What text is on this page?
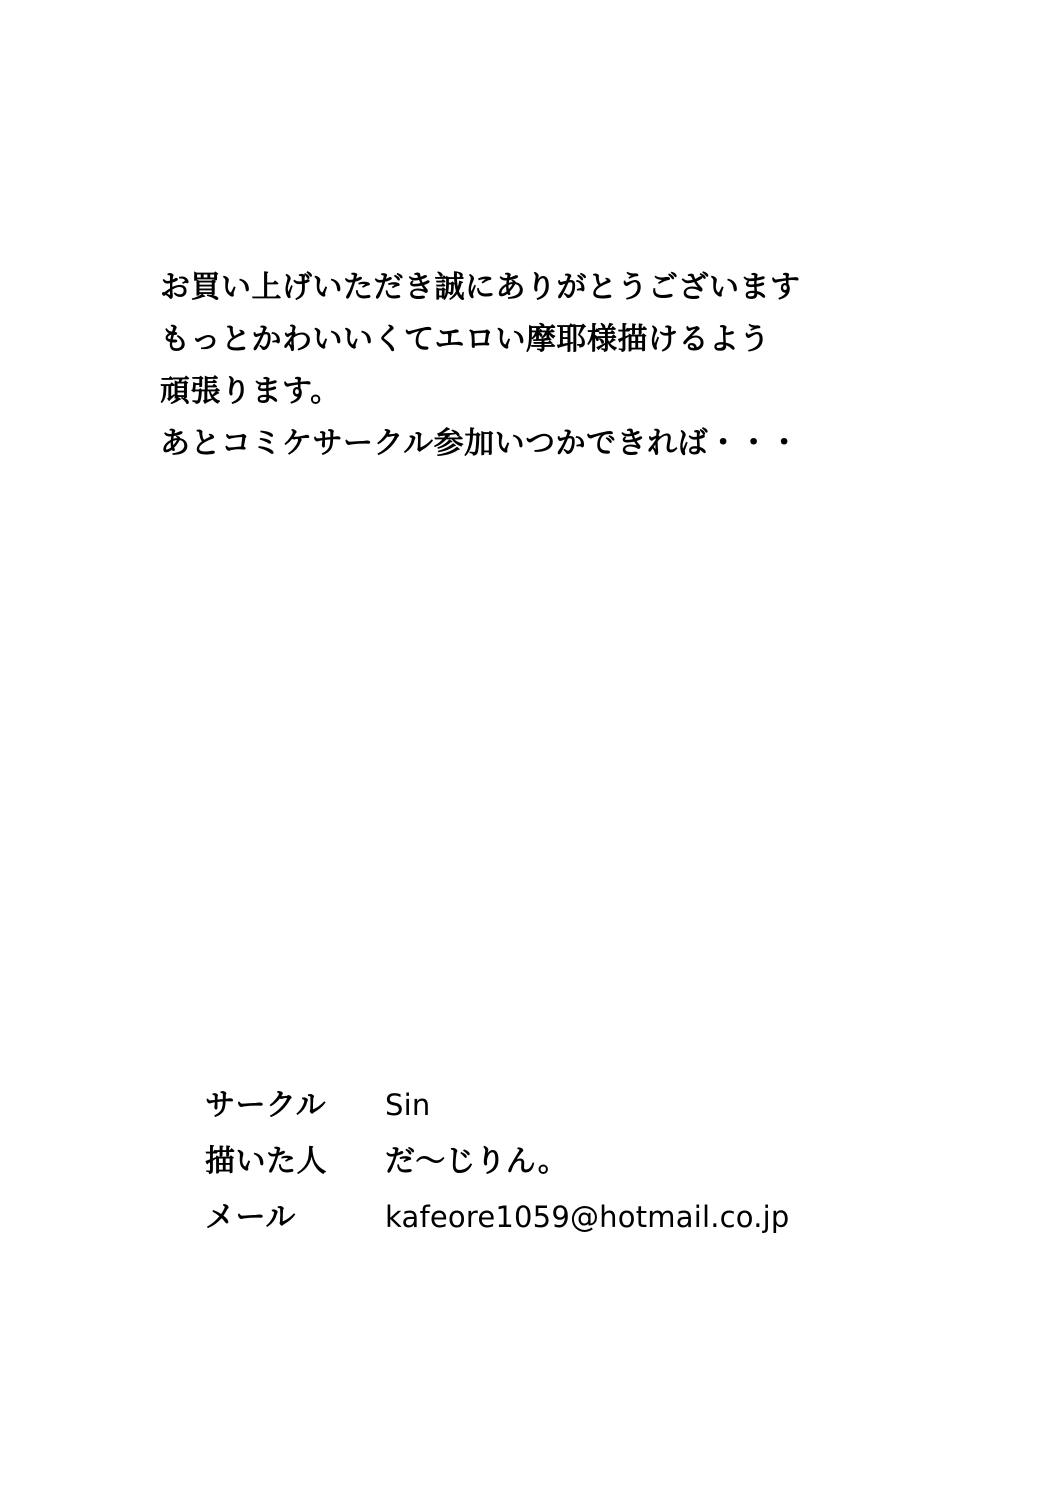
お買い上げいただき誠にありがとうございます
もっとかわいいくてエロい摩耶様描けるよう
頑張ります。
あとコミケサークル参加いつかできれば・・・
サークル	Sin
描いた人	だ～じりん。
メール	kafeore1059@hotmail.co.jp
